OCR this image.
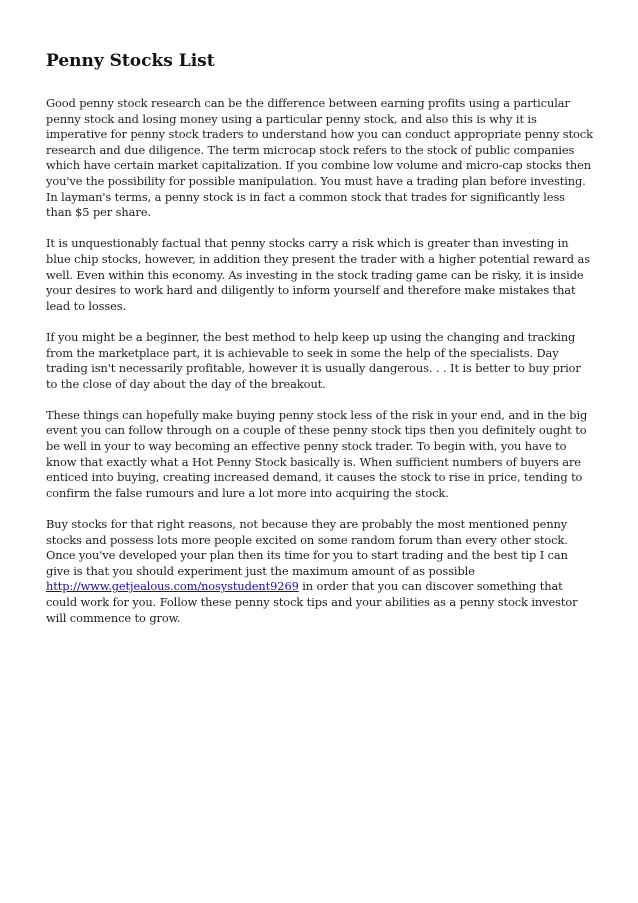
Penny Stocks List

Good penny stock research can be the difference between earning profits using a particular penny stock and losing money using a particular penny stock, and also this is why it is imperative for penny stock traders to understand how you can conduct appropriate penny stock research and due diligence. The term microcap stock refers to the stock of public companies which have certain market capitalization. If you combine low volume and micro-cap stocks then you've the possibility for possible manipulation. You must have a trading plan before investing. In layman's terms, a penny stock is in fact a common stock that trades for significantly less than $5 per share.

It is unquestionably factual that penny stocks carry a risk which is greater than investing in blue chip stocks, however, in addition they present the trader with a higher potential reward as well. Even within this economy. As investing in the stock trading game can be risky, it is inside your desires to work hard and diligently to inform yourself and therefore make mistakes that lead to losses.

If you might be a beginner, the best method to help keep up using the changing and tracking from the marketplace part, it is achievable to seek in some the help of the specialists. Day trading isn't necessarily profitable, however it is usually dangerous. . . It is better to buy prior to the close of day about the day of the breakout.

These things can hopefully make buying penny stock less of the risk in your end, and in the big event you can follow through on a couple of these penny stock tips then you definitely ought to be well in your to way becoming an effective penny stock trader. To begin with, you have to know that exactly what a Hot Penny Stock basically is. When sufficient numbers of buyers are enticed into buying, creating increased demand, it causes the stock to rise in price, tending to confirm the false rumours and lure a lot more into acquiring the stock.

Buy stocks for that right reasons, not because they are probably the most mentioned penny stocks and possess lots more people excited on some random forum than every other stock. Once you've developed your plan then its time for you to start trading and the best tip I can give is that you should experiment just the maximum amount of as possible http://www.getjealous.com/nosystudent9269 in order that you can discover something that could work for you. Follow these penny stock tips and your abilities as a penny stock investor will commence to grow.
